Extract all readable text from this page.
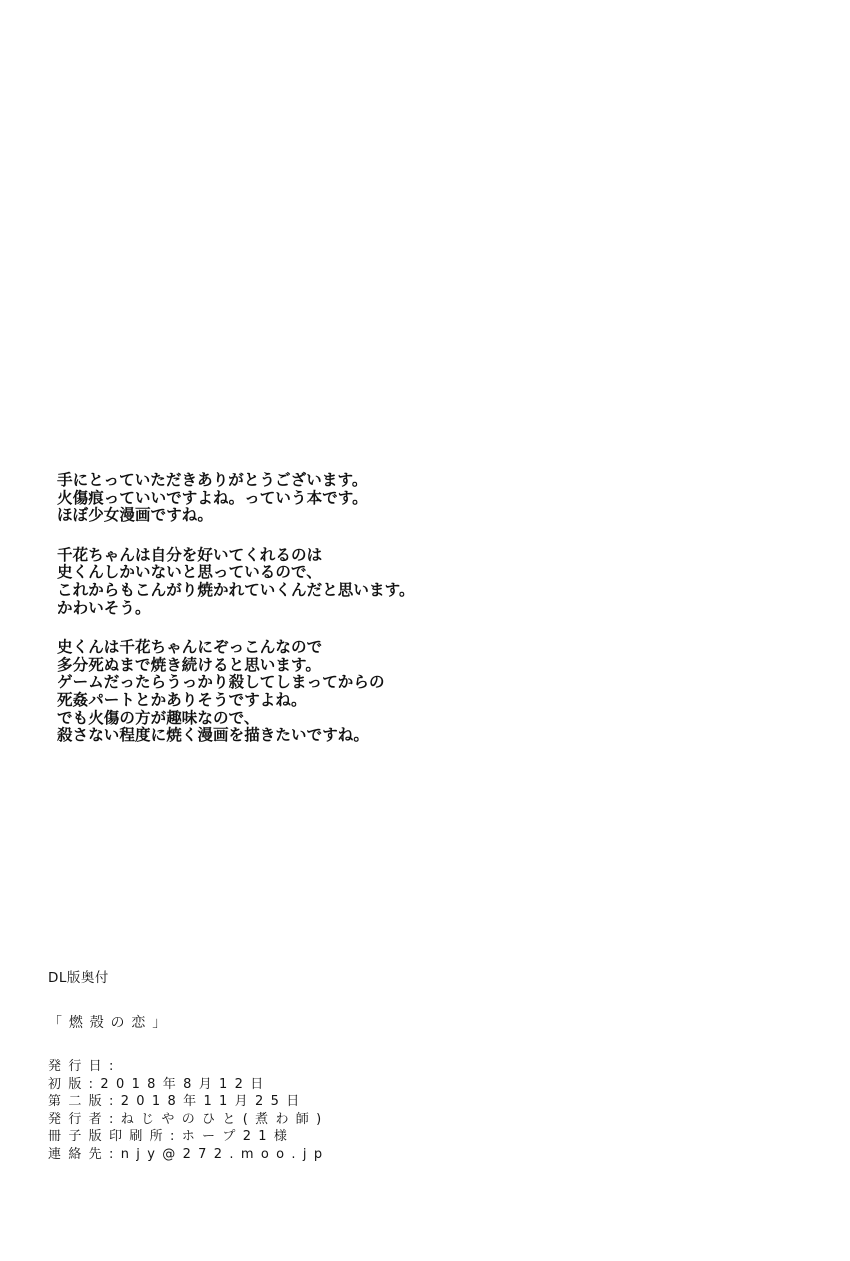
手にとっていただきありがとうございます。
火傷痕っていいですよね。っていう本です。
ほぼ少女漫画ですね。
千花ちゃんは自分を好いてくれるのは
史くんしかいないと思っているので、
これからもこんがり焼かれていくんだと思います。
かわいそう。
史くんは千花ちゃんにぞっこんなので
多分死ぬまで焼き続けると思います。
ゲームだったらうっかり殺してしまってからの
死姦パートとかありそうですよね。
でも火傷の方が趣味なので、
殺さない程度に焼く漫画を描きたいですね。
DL版奥付
「 燃 殻 の 恋 」
発 行 日 :
初 版 : 2 0 1 8 年 8 月 1 2 日
第 二 版 : 2 0 1 8 年 1 1 月 2 5 日
発 行 者 : ね じ や の ひ と ( 煮 わ 師 )
冊 子 版 印 刷 所 : ホ ー プ 2 1 様
連 絡 先 : n j y @ 2 7 2 . m o o . j p
